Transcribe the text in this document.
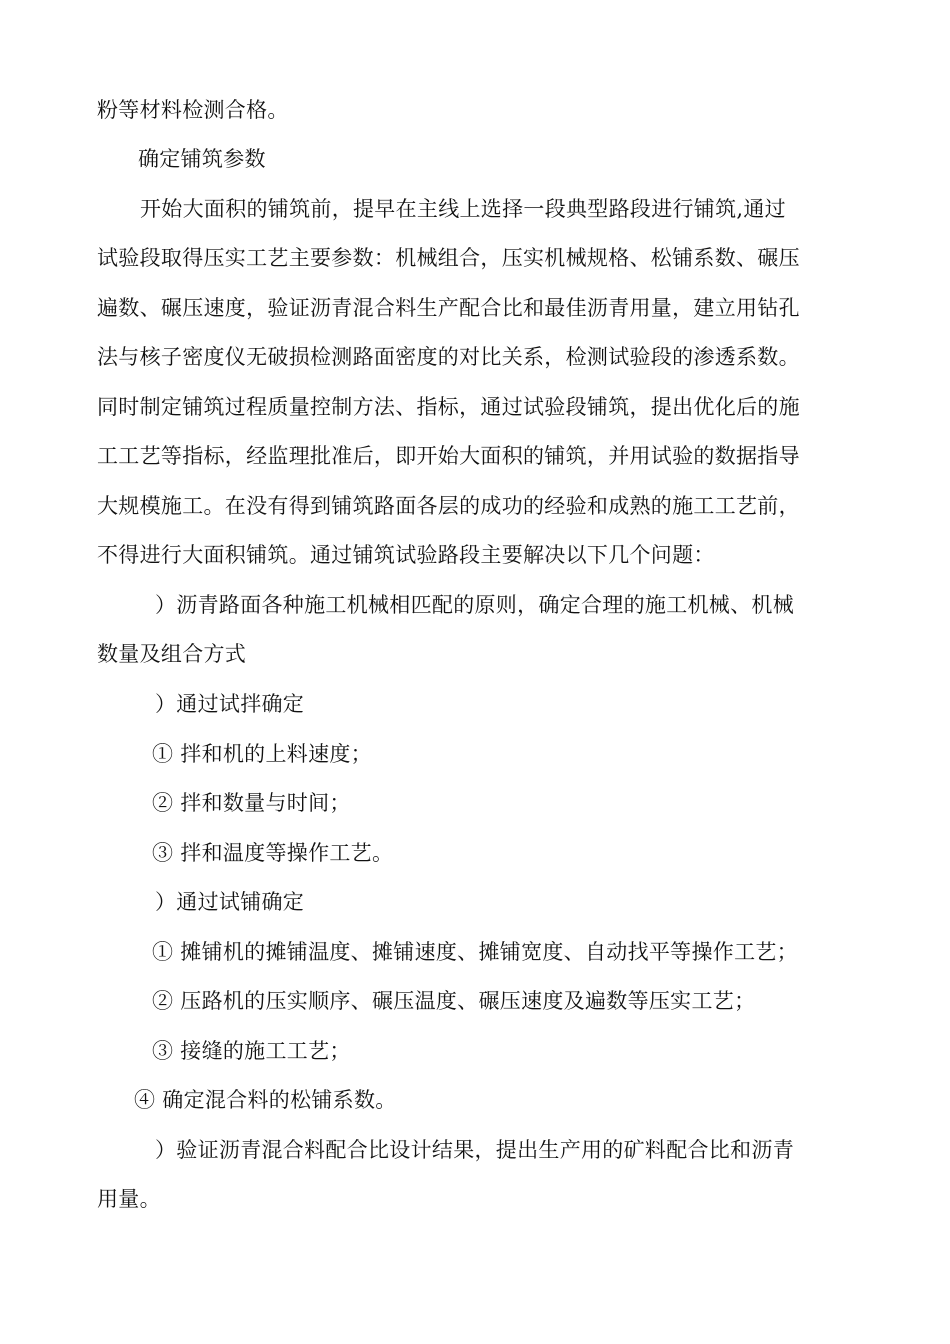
粉等材料检测合格。
确定铺筑参数
开始大面积的铺筑前，提早在主线上选择一段典型路段进行铺筑,通过
试验段取得压实工艺主要参数：机械组合，压实机械规格、松铺系数、碾压
遍数、碾压速度，验证沥青混合料生产配合比和最佳沥青用量，建立用钻孔
法与核子密度仪无破损检测路面密度的对比关系，检测试验段的渗透系数。
同时制定铺筑过程质量控制方法、指标，通过试验段铺筑，提出优化后的施
工工艺等指标，经监理批准后，即开始大面积的铺筑，并用试验的数据指导
大规模施工。在没有得到铺筑路面各层的成功的经验和成熟的施工工艺前，
不得进行大面积铺筑。通过铺筑试验路段主要解决以下几个问题：
）沥青路面各种施工机械相匹配的原则，确定合理的施工机械、机械
数量及组合方式
）通过试拌确定
① 拌和机的上料速度；
② 拌和数量与时间；
③ 拌和温度等操作工艺。
）通过试铺确定
① 摊铺机的摊铺温度、摊铺速度、摊铺宽度、自动找平等操作工艺；
② 压路机的压实顺序、碾压温度、碾压速度及遍数等压实工艺；
③ 接缝的施工工艺；
④ 确定混合料的松铺系数。
）验证沥青混合料配合比设计结果，提出生产用的矿料配合比和沥青
用量。
